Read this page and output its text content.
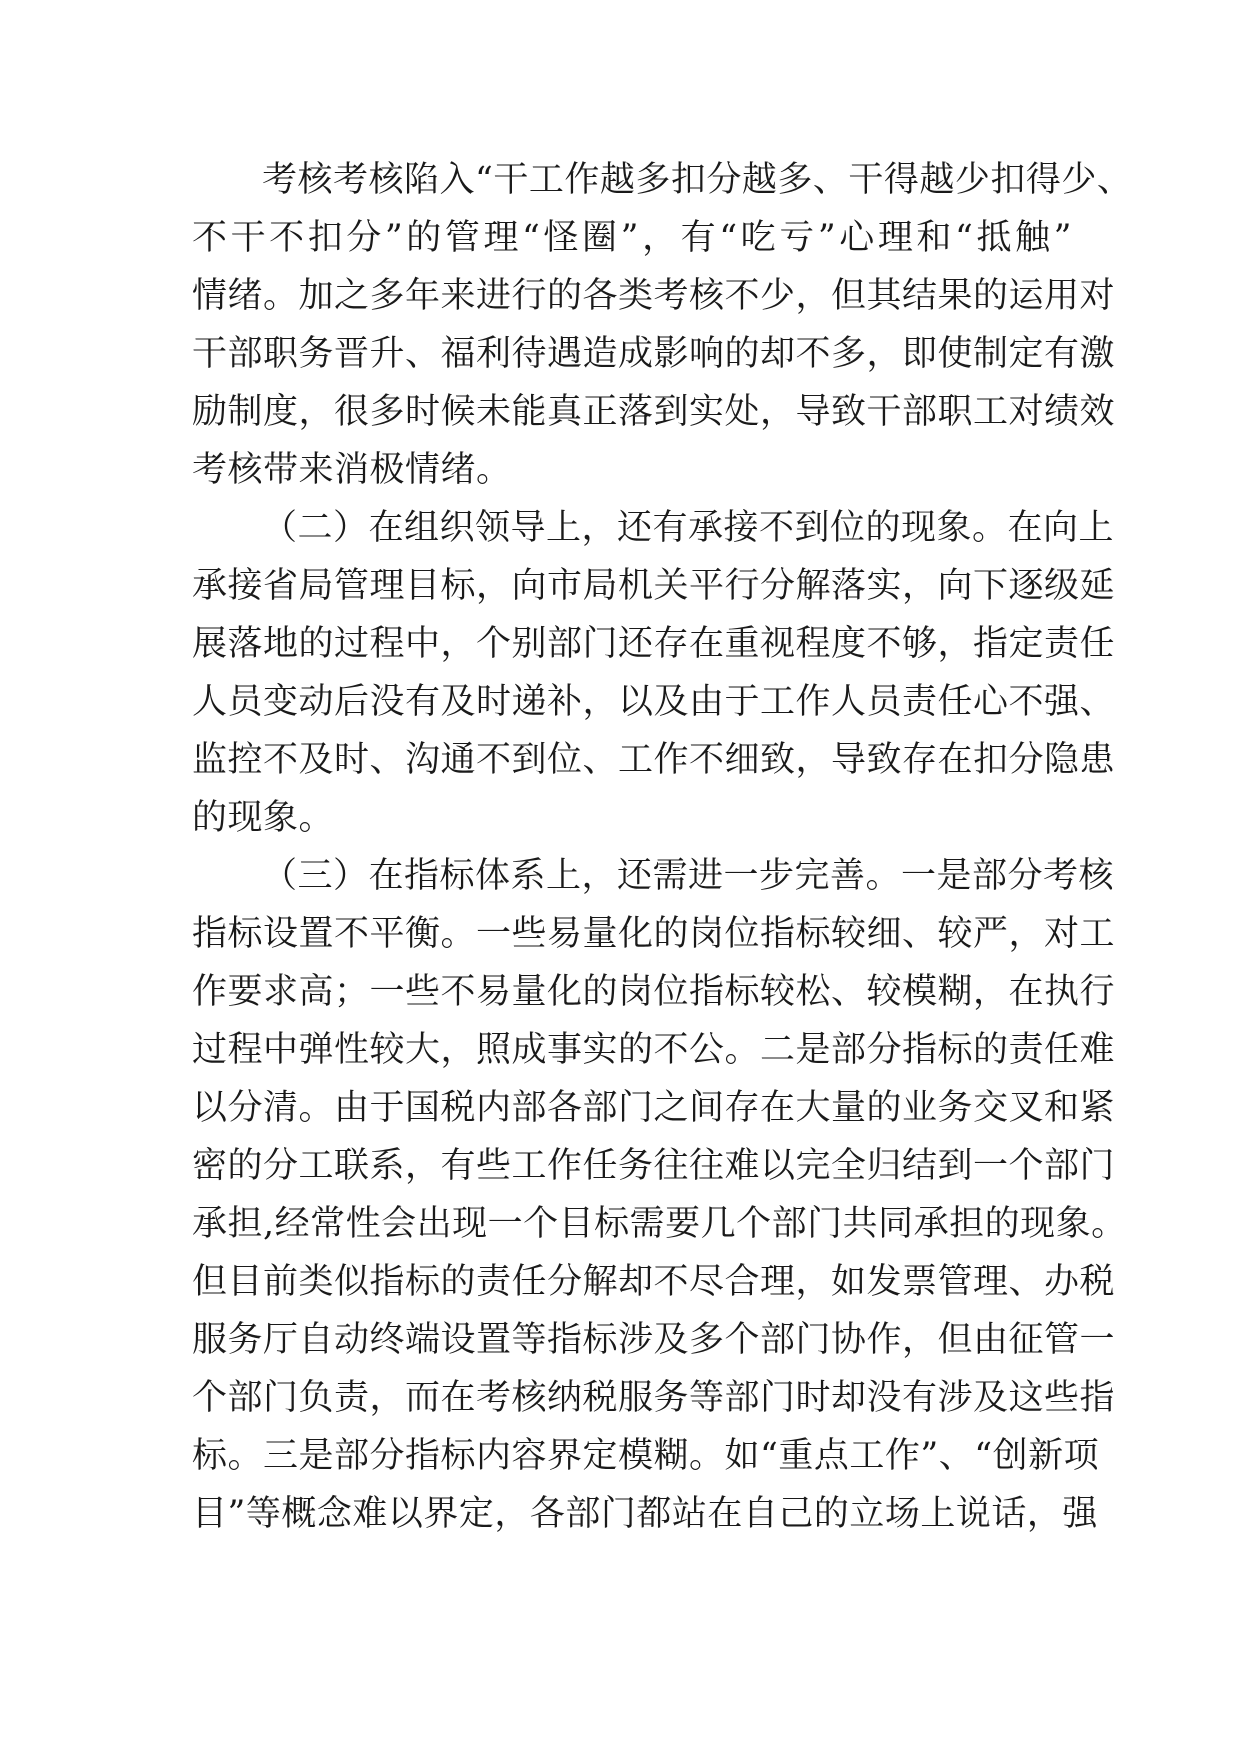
考核考核陷入“干工作越多扣分越多、干得越少扣得少、
不干不扣分”的管理“怪圈”，有“吃亏”心理和“抵触”
情绪。加之多年来进行的各类考核不少，但其结果的运用对
干部职务晋升、福利待遇造成影响的却不多，即使制定有激
励制度，很多时候未能真正落到实处，导致干部职工对绩效
考核带来消极情绪。
（二）在组织领导上，还有承接不到位的现象。在向上
承接省局管理目标，向市局机关平行分解落实，向下逐级延
展落地的过程中，个别部门还存在重视程度不够，指定责任
人员变动后没有及时递补，以及由于工作人员责任心不强、
监控不及时、沟通不到位、工作不细致，导致存在扣分隐患
的现象。
（三）在指标体系上，还需进一步完善。一是部分考核
指标设置不平衡。一些易量化的岗位指标较细、较严，对工
作要求高；一些不易量化的岗位指标较松、较模糊，在执行
过程中弹性较大，照成事实的不公。二是部分指标的责任难
以分清。由于国税内部各部门之间存在大量的业务交叉和紧
密的分工联系，有些工作任务往往难以完全归结到一个部门
承担,经常性会出现一个目标需要几个部门共同承担的现象。
但目前类似指标的责任分解却不尽合理，如发票管理、办税
服务厅自动终端设置等指标涉及多个部门协作，但由征管一
个部门负责，而在考核纳税服务等部门时却没有涉及这些指
标。三是部分指标内容界定模糊。如“重点工作”、“创新项
目”等概念难以界定，各部门都站在自己的立场上说话，强
